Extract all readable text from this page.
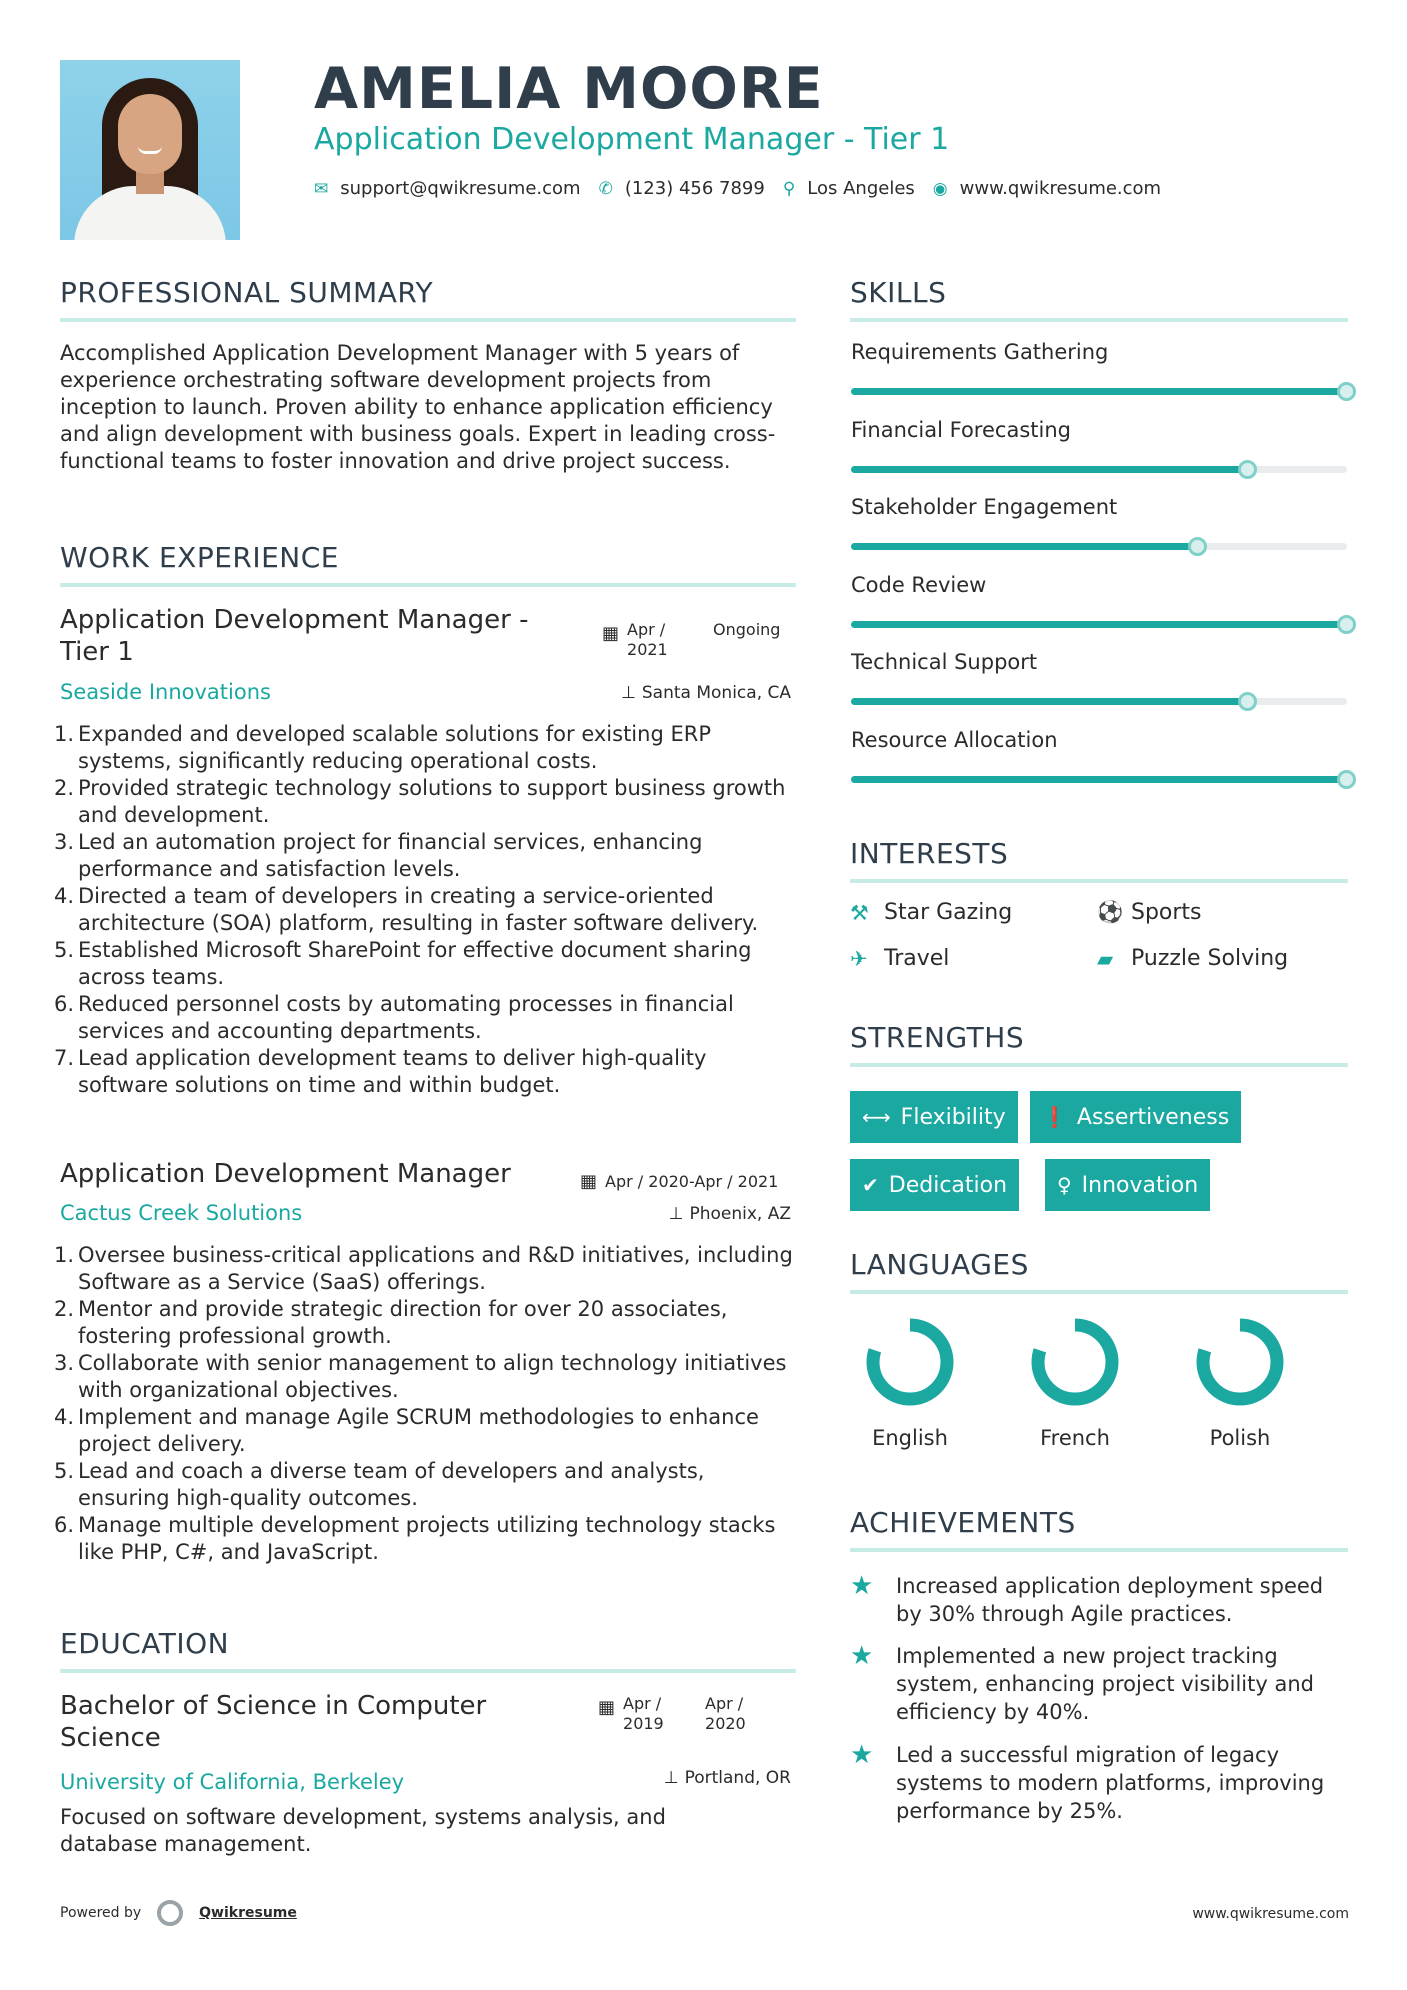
AMELIA MOORE
Application Development Manager - Tier 1
✉ support@qwikresume.com ✆ (123) 456 7899 ⚲ Los Angeles ◉ www.qwikresume.com
PROFESSIONAL SUMMARY
Accomplished Application Development Manager with 5 years of experience orchestrating software development projects from inception to launch. Proven ability to enhance application efficiency and align development with business goals. Expert in leading cross-functional teams to foster innovation and drive project success.
WORK EXPERIENCE
Application Development Manager - Tier 1
▦ Apr / 2021
Ongoing
Seaside Innovations	⊥ Santa Monica, CA
1. Expanded and developed scalable solutions for existing ERP systems, significantly reducing operational costs.
2. Provided strategic technology solutions to support business growth and development.
3. Led an automation project for financial services, enhancing performance and satisfaction levels.
4. Directed a team of developers in creating a service-oriented architecture (SOA) platform, resulting in faster software delivery.
5. Established Microsoft SharePoint for effective document sharing across teams.
6. Reduced personnel costs by automating processes in financial services and accounting departments.
7. Lead application development teams to deliver high-quality software solutions on time and within budget.
Application Development Manager	▦ Apr / 2020-Apr / 2021
Cactus Creek Solutions	⊥ Phoenix, AZ
1. Oversee business-critical applications and R&D initiatives, including Software as a Service (SaaS) offerings.
2. Mentor and provide strategic direction for over 20 associates, fostering professional growth.
3. Collaborate with senior management to align technology initiatives with organizational objectives.
4. Implement and manage Agile SCRUM methodologies to enhance project delivery.
5. Lead and coach a diverse team of developers and analysts, ensuring high-quality outcomes.
6. Manage multiple development projects utilizing technology stacks like PHP, C#, and JavaScript.
EDUCATION
Bachelor of Science in Computer Science
▦ Apr / 2019
Apr / 2020
University of California, Berkeley	⊥ Portland, OR
Focused on software development, systems analysis, and database management.
SKILLS
Requirements Gathering
Financial Forecasting
Stakeholder Engagement
Code Review
Technical Support
Resource Allocation
INTERESTS
⚒ Star Gazing	⚽ Sports
✈ Travel	▰ Puzzle Solving
STRENGTHS
⟷ Flexibility ❗ Assertiveness
✔ Dedication ♀ Innovation
LANGUAGES
English	French	Polish
ACHIEVEMENTS
★	Increased application deployment speed by 30% through Agile practices.
★	Implemented a new project tracking system, enhancing project visibility and efficiency by 40%.
★	Led a successful migration of legacy systems to modern platforms, improving performance by 25%.
Powered by	Qwikresume	www.qwikresume.com
